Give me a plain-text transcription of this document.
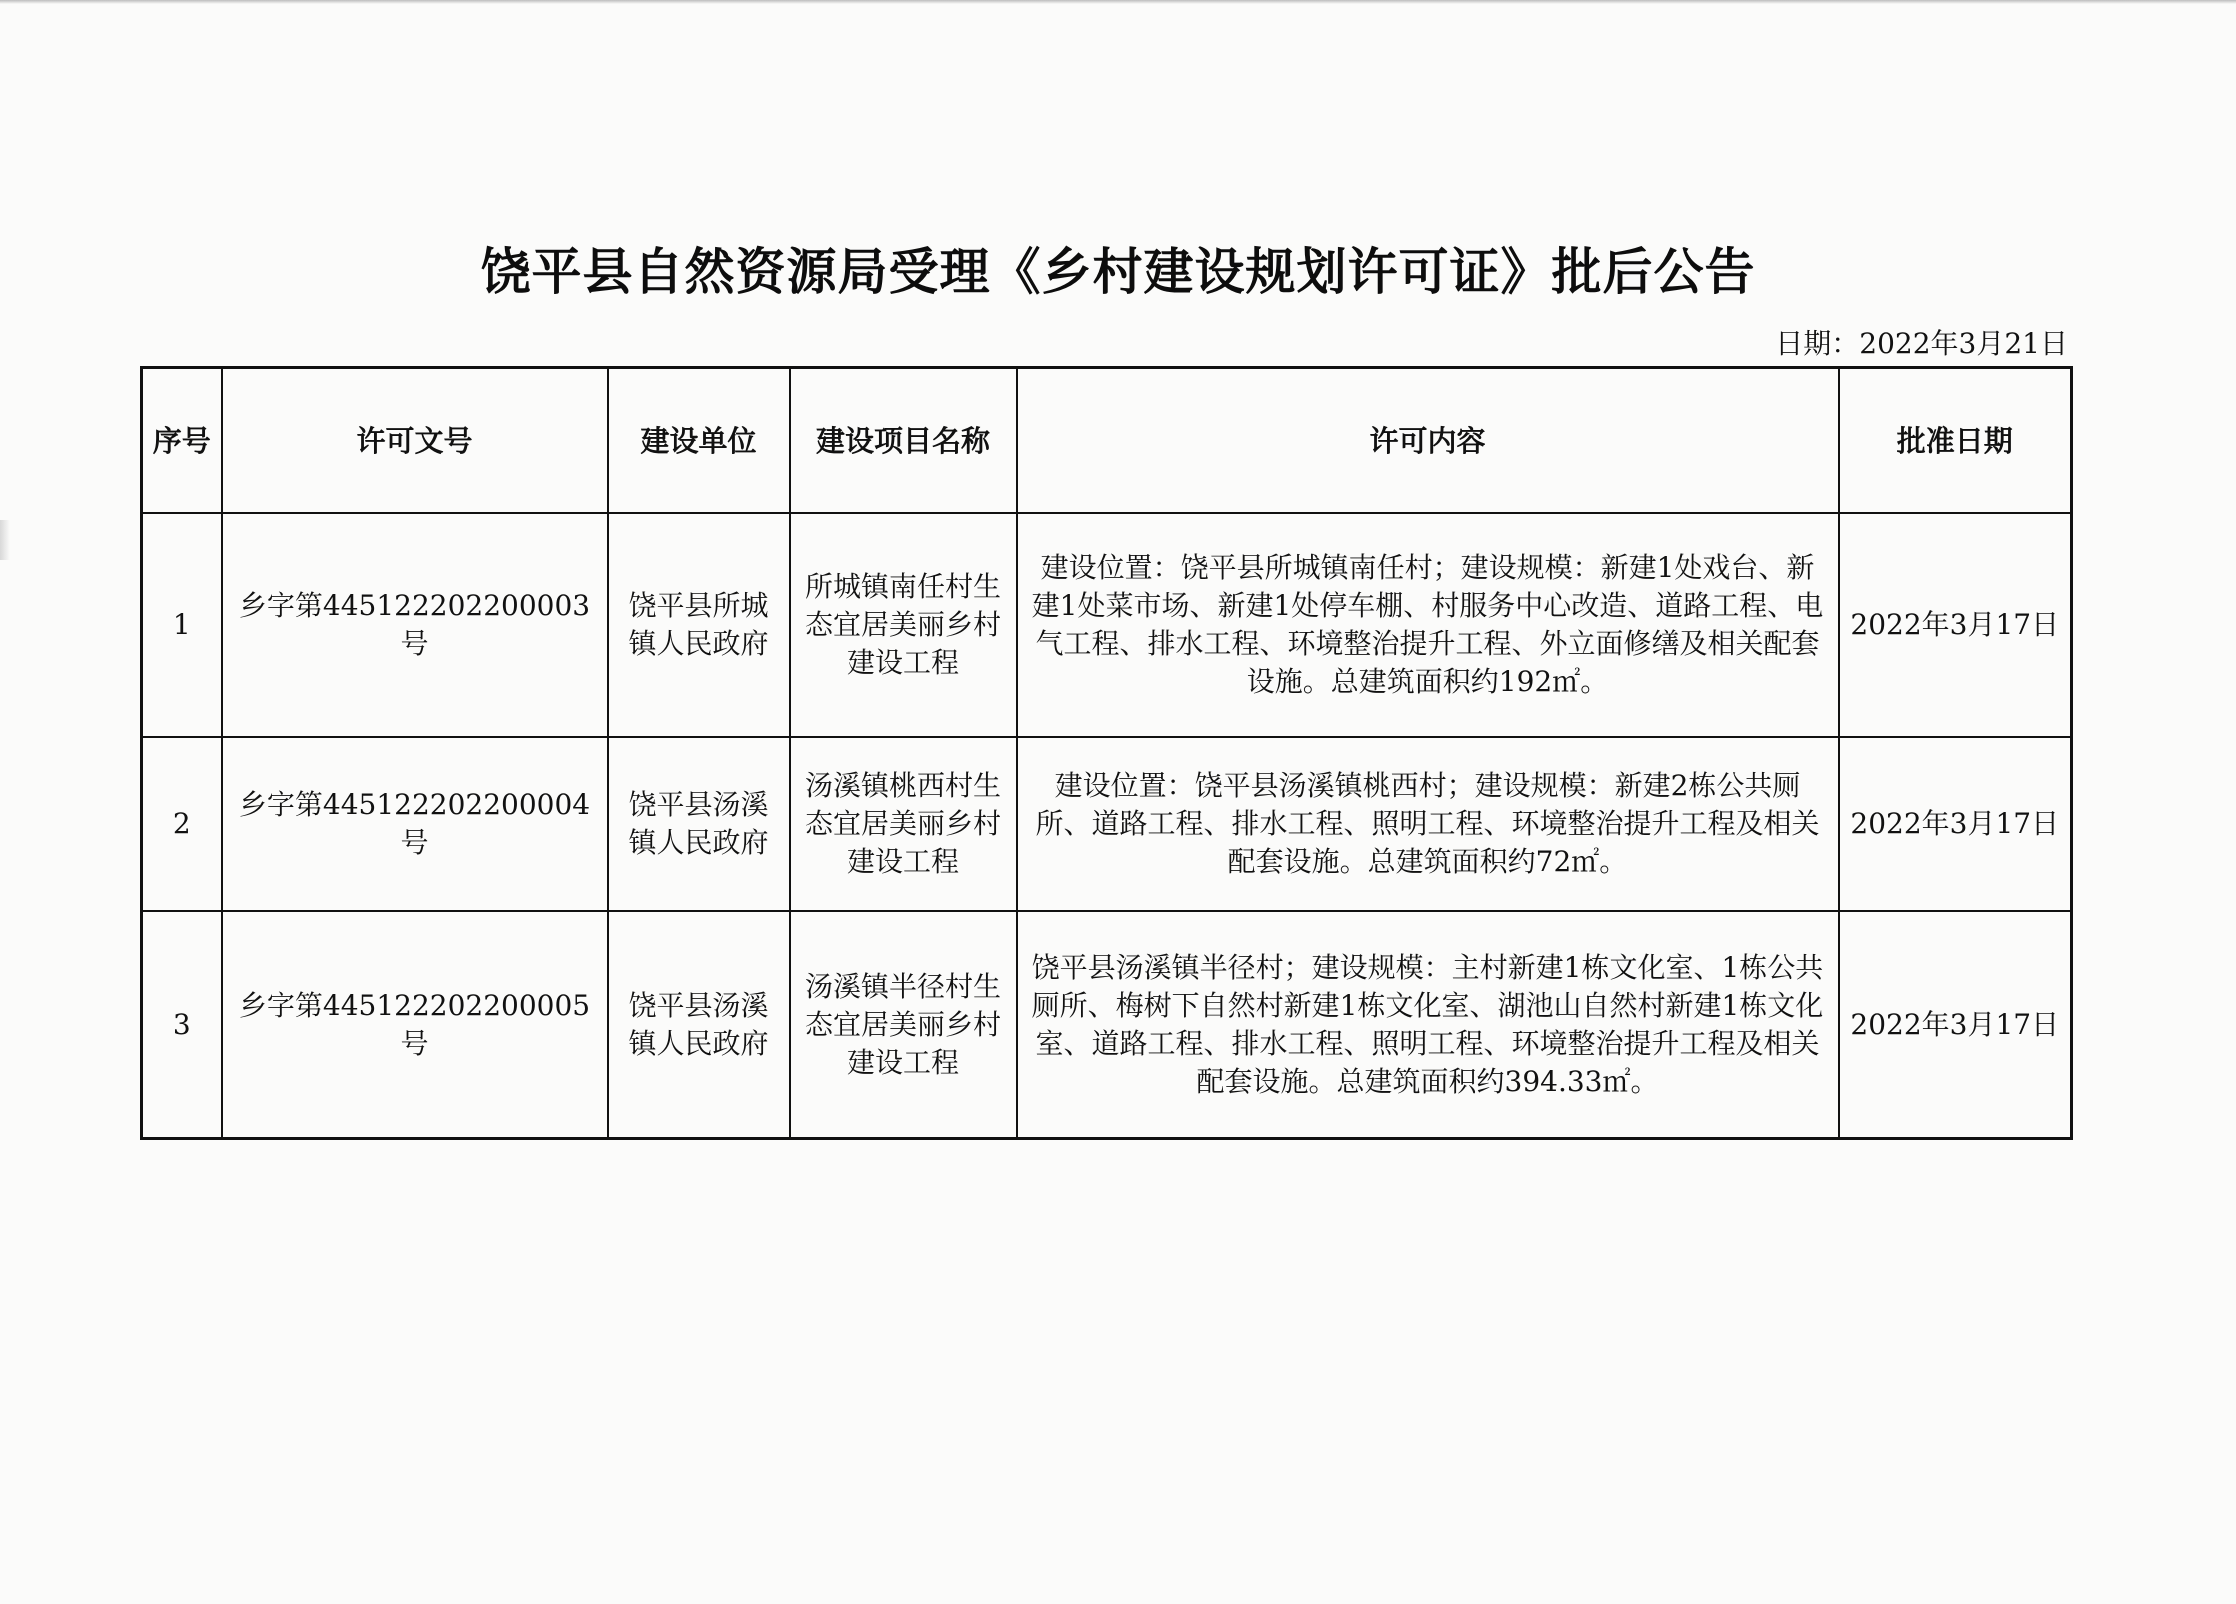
饶平县自然资源局受理《乡村建设规划许可证》批后公告
日期：2022年3月21日
序号	许可文号	建设单位	建设项目名称	许可内容	批准日期
1	乡字第445122202200003号	饶平县所城镇人民政府	所城镇南任村生态宜居美丽乡村建设工程	建设位置：饶平县所城镇南任村；建设规模：新建1处戏台、新建1处菜市场、新建1处停车棚、村服务中心改造、道路工程、电气工程、排水工程、环境整治提升工程、外立面修缮及相关配套设施。总建筑面积约192㎡。	2022年3月17日
2	乡字第445122202200004号	饶平县汤溪镇人民政府	汤溪镇桃西村生态宜居美丽乡村建设工程	建设位置：饶平县汤溪镇桃西村；建设规模：新建2栋公共厕所、道路工程、排水工程、照明工程、环境整治提升工程及相关配套设施。总建筑面积约72㎡。	2022年3月17日
3	乡字第445122202200005号	饶平县汤溪镇人民政府	汤溪镇半径村生态宜居美丽乡村建设工程	饶平县汤溪镇半径村；建设规模：主村新建1栋文化室、1栋公共厕所、梅树下自然村新建1栋文化室、湖池山自然村新建1栋文化室、道路工程、排水工程、照明工程、环境整治提升工程及相关配套设施。总建筑面积约394.33㎡。	2022年3月17日
